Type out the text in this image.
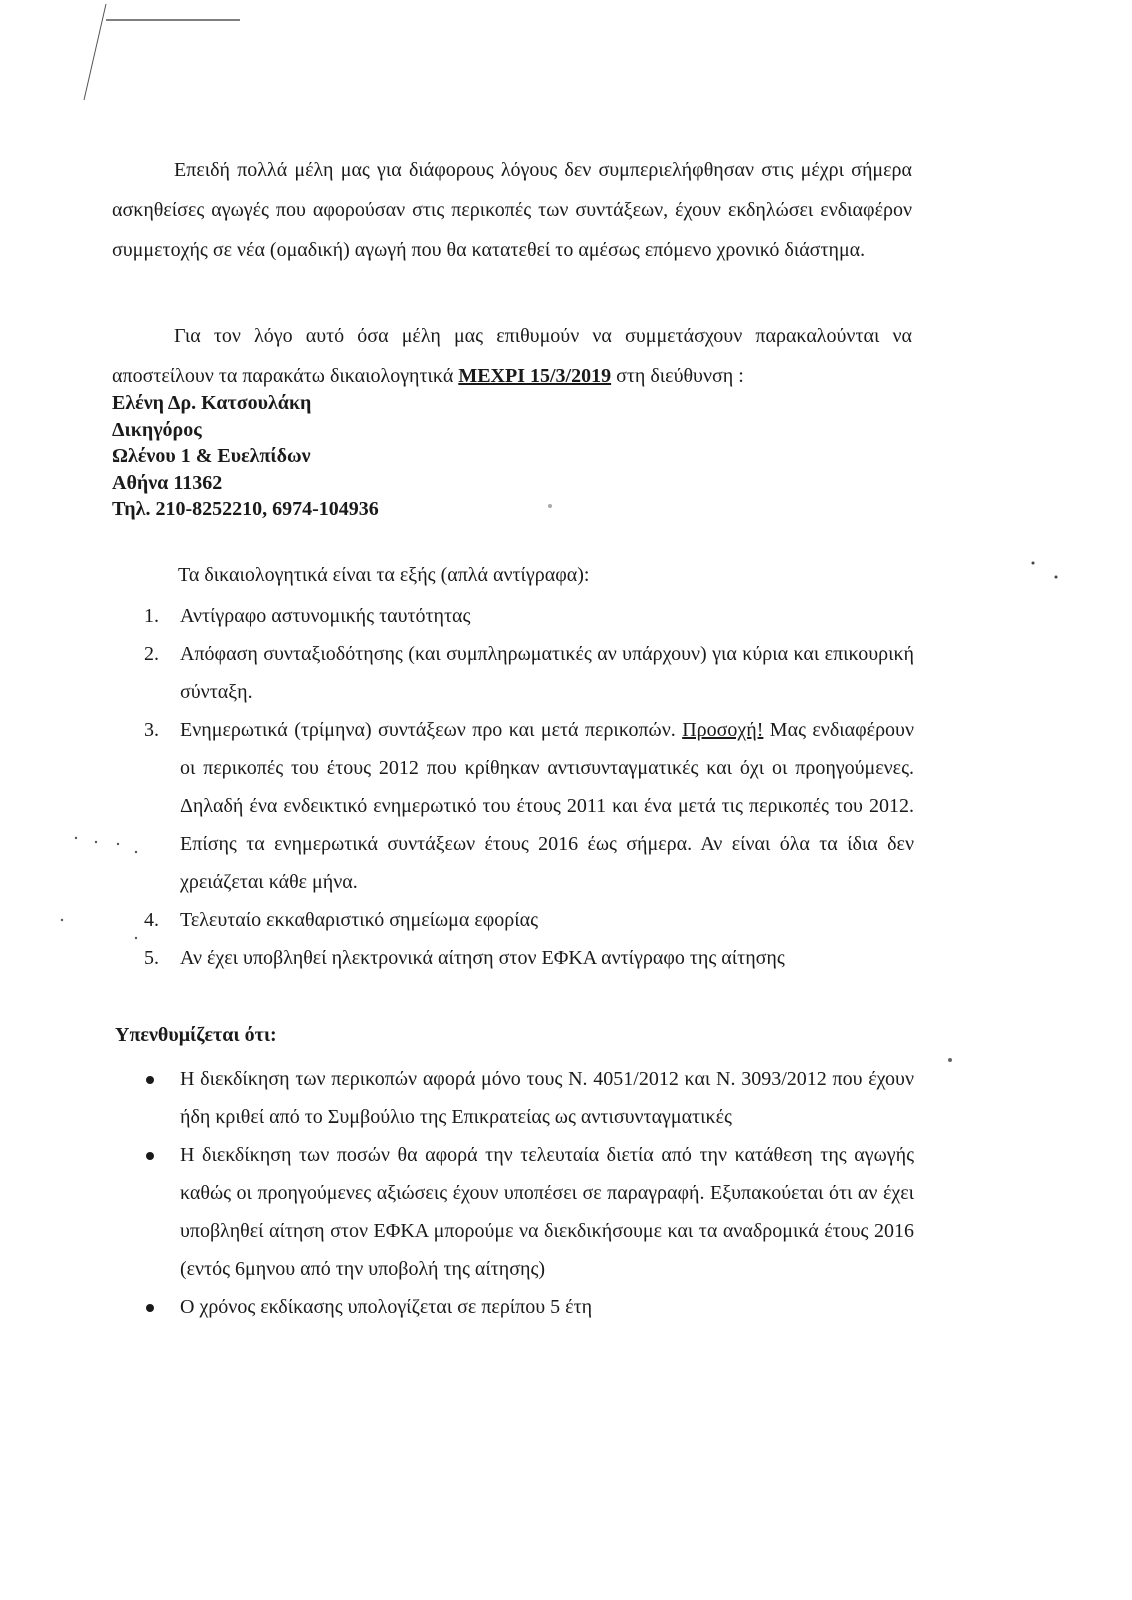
Επειδή πολλά μέλη μας για διάφορους λόγους δεν συμπεριελήφθησαν στις μέχρι σήμερα ασκηθείσες αγωγές που αφορούσαν στις περικοπές των συντάξεων, έχουν εκδηλώσει ενδιαφέρον συμμετοχής σε νέα (ομαδική) αγωγή που θα κατατεθεί το αμέσως επόμενο χρονικό διάστημα.

Για τον λόγο αυτό όσα μέλη μας επιθυμούν να συμμετάσχουν παρακαλούνται να αποστείλουν τα παρακάτω δικαιολογητικά ΜΕΧΡΙ 15/3/2019 στη διεύθυνση :

Ελένη Δρ. Κατσουλάκη
Δικηγόρος
Ωλένου 1 & Ευελπίδων
Αθήνα 11362
Τηλ. 210-8252210, 6974-104936

Τα δικαιολογητικά είναι τα εξής (απλά αντίγραφα):

1. Αντίγραφο αστυνομικής ταυτότητας
2. Απόφαση συνταξιοδότησης (και συμπληρωματικές αν υπάρχουν) για κύρια και επικουρική σύνταξη.
3. Ενημερωτικά (τρίμηνα) συντάξεων προ και μετά περικοπών. Προσοχή! Μας ενδιαφέρουν οι περικοπές του έτους 2012 που κρίθηκαν αντισυνταγματικές και όχι οι προηγούμενες. Δηλαδή ένα ενδεικτικό ενημερωτικό του έτους 2011 και ένα μετά τις περικοπές του 2012. Επίσης τα ενημερωτικά συντάξεων έτους 2016 έως σήμερα. Αν είναι όλα τα ίδια δεν χρειάζεται κάθε μήνα.
4. Τελευταίο εκκαθαριστικό σημείωμα εφορίας
5. Αν έχει υποβληθεί ηλεκτρονικά αίτηση στον ΕΦΚΑ αντίγραφο της αίτησης

Υπενθυμίζεται ότι:

Η διεκδίκηση των περικοπών αφορά μόνο τους Ν. 4051/2012 και Ν. 3093/2012 που έχουν ήδη κριθεί από το Συμβούλιο της Επικρατείας ως αντισυνταγματικές
Η διεκδίκηση των ποσών θα αφορά την τελευταία διετία από την κατάθεση της αγωγής καθώς οι προηγούμενες αξιώσεις έχουν υποπέσει σε παραγραφή. Εξυπακούεται ότι αν έχει υποβληθεί αίτηση στον ΕΦΚΑ μπορούμε να διεκδικήσουμε και τα αναδρομικά έτους 2016 (εντός 6μηνου από την υποβολή της αίτησης)
Ο χρόνος εκδίκασης υπολογίζεται σε περίπου 5 έτη
